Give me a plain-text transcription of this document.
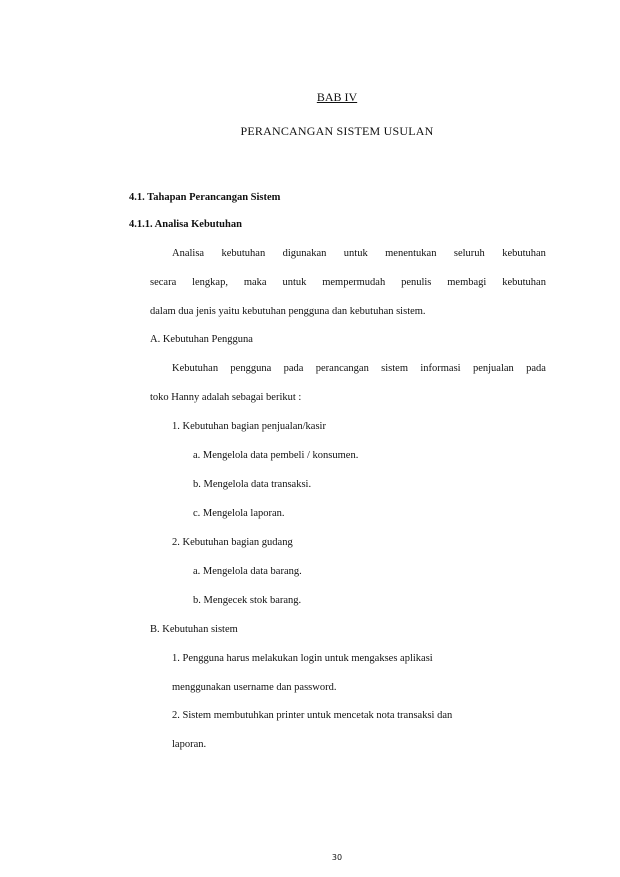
BAB IV
PERANCANGAN SISTEM USULAN
4.1. Tahapan Perancangan Sistem
4.1.1. Analisa Kebutuhan
Analisa kebutuhan digunakan untuk menentukan seluruh kebutuhan
secara lengkap, maka untuk mempermudah penulis membagi kebutuhan
dalam dua jenis yaitu kebutuhan pengguna dan kebutuhan sistem.
A. Kebutuhan Pengguna
Kebutuhan pengguna pada perancangan sistem informasi penjualan pada
toko Hanny adalah sebagai berikut :
1. Kebutuhan bagian penjualan/kasir
a. Mengelola data pembeli / konsumen.
b. Mengelola data transaksi.
c. Mengelola laporan.
2. Kebutuhan bagian gudang
a. Mengelola data barang.
b. Mengecek stok barang.
B. Kebutuhan sistem
1. Pengguna harus melakukan login untuk mengakses aplikasi
menggunakan username dan password.
2. Sistem membutuhkan printer untuk mencetak nota transaksi dan
laporan.
30
